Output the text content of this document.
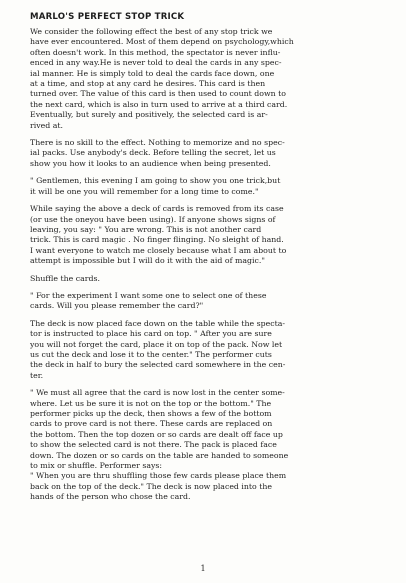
MARLO'S PERFECT STOP TRICK
We consider the following effect the best of any stop trick we
have ever encountered. Most of them depend on psychology,which
often doesn't work. In this method, the spectator is never influ-
enced in any way.He is never told to deal the cards in any spec-
ial manner. He is simply told to deal the cards face down, one
at a time, and stop at any card he desires. This card is then
turned over. The value of this card is then used to count down to
the next card, which is also in turn used to arrive at a third card.
Eventually, but surely and positively, the selected card is ar-
rived at.
There is no skill to the effect. Nothing to memorize and no spec-
ial packs. Use anybody's deck. Before telling the secret, let us
show you how it looks to an audience when being presented.
" Gentlemen, this evening I am going to show you one trick,but
it will be one you will remember for a long time to come."
While saying the above a deck of cards is removed from its case
(or use the oneyou have been using). If anyone shows signs of
leaving, you say: " You are wrong. This is not another card
trick. This is card magic . No finger flinging. No sleight of hand.
I want everyone to watch me closely because what I am about to
attempt is impossible but I will do it with the aid of magic."
Shuffle the cards.
" For the experiment I want some one to select one of these
cards. Will you please remember the card?"
The deck is now placed face down on the table while the specta-
tor is instructed to place his card on top. " After you are sure
you will not forget the card, place it on top of the pack. Now let
us cut the deck and lose it to the center." The performer cuts
the deck in half to bury the selected card somewhere in the cen-
ter.
" We must all agree that the card is now lost in the center some-
where. Let us be sure it is not on the top or the bottom." The
performer picks up the deck, then shows a few of the bottom
cards to prove card is not there. These cards are replaced on
the bottom. Then the top dozen or so cards are dealt off face up
to show the selected card is not there. The pack is placed face
down. The dozen or so cards on the table are handed to someone
to mix or shuffle. Performer says:
" When you are thru shuffling those few cards please place them
back on the top of the deck." The deck is now placed into the
hands of the person who chose the card.
1
